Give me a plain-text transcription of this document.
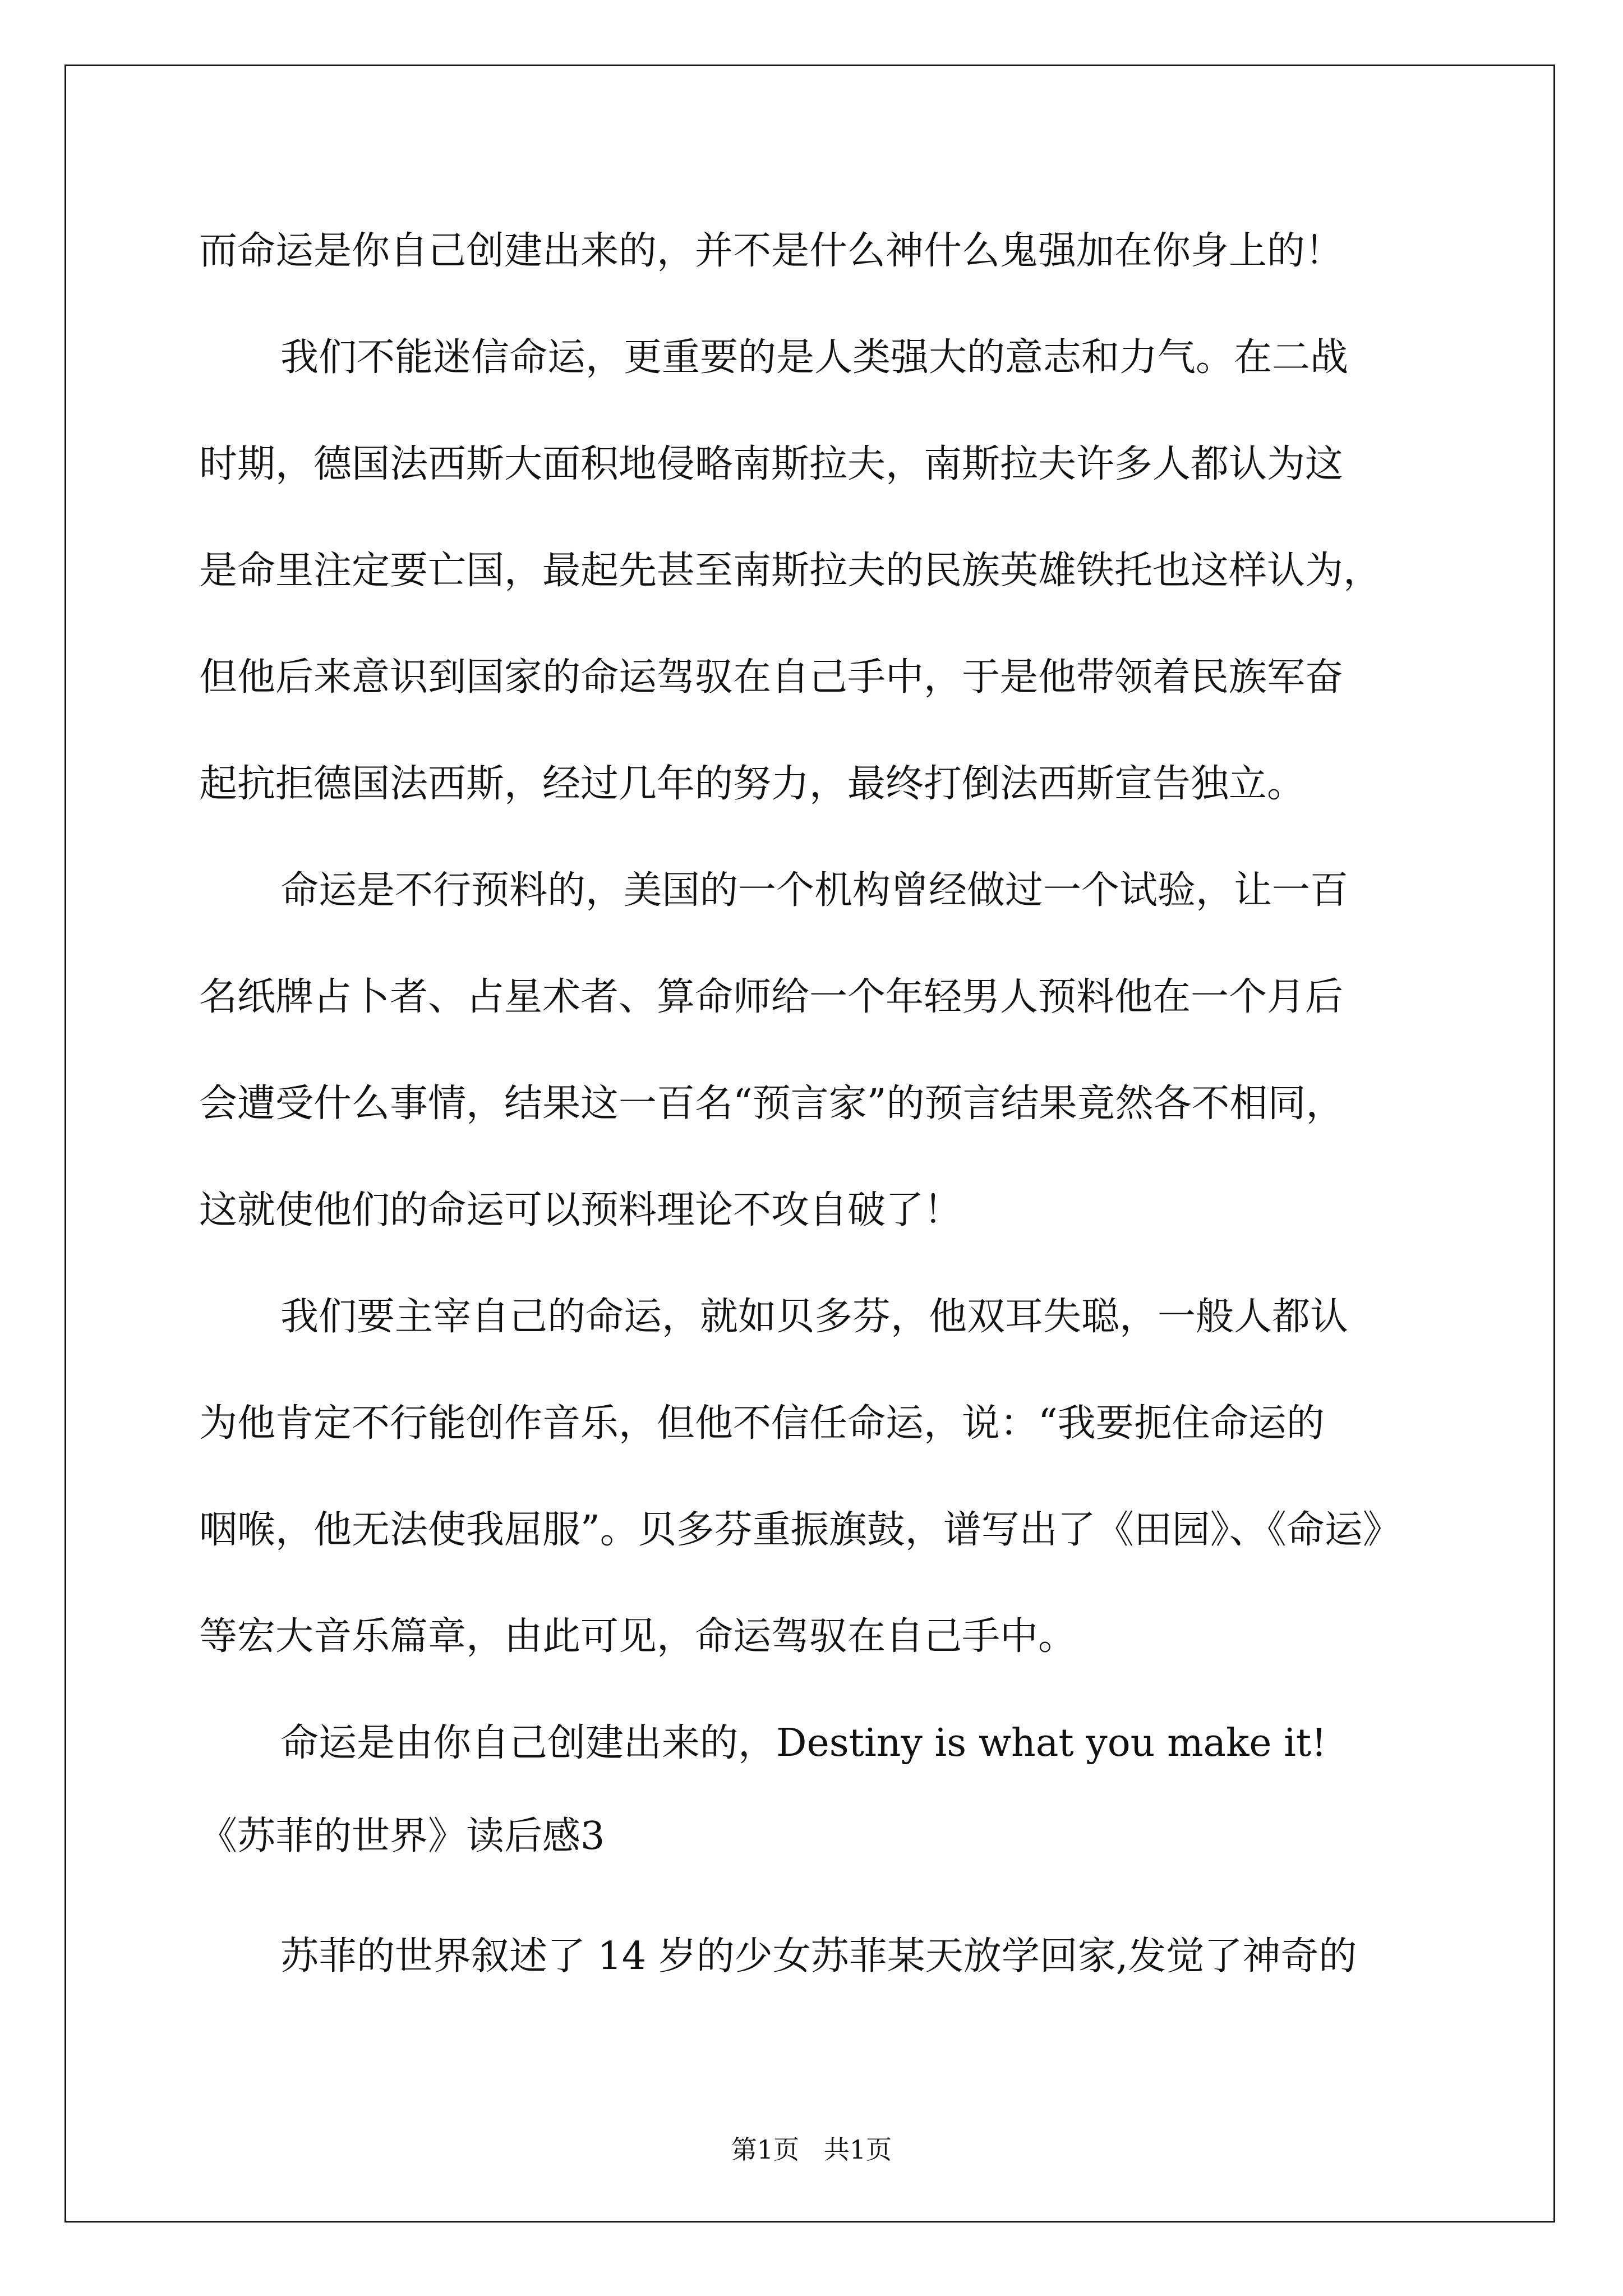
而命运是你自己创建出来的，并不是什么神什么鬼强加在你身上的！
我们不能迷信命运，更重要的是人类强大的意志和力气。在二战
时期，德国法西斯大面积地侵略南斯拉夫，南斯拉夫许多人都认为这
是命里注定要亡国，最起先甚至南斯拉夫的民族英雄铁托也这样认为，
但他后来意识到国家的命运驾驭在自己手中，于是他带领着民族军奋
起抗拒德国法西斯，经过几年的努力，最终打倒法西斯宣告独立。
命运是不行预料的，美国的一个机构曾经做过一个试验，让一百
名纸牌占卜者、占星术者、算命师给一个年轻男人预料他在一个月后
会遭受什么事情，结果这一百名“预言家”的预言结果竟然各不相同，
这就使他们的命运可以预料理论不攻自破了！
我们要主宰自己的命运，就如贝多芬，他双耳失聪，一般人都认
为他肯定不行能创作音乐，但他不信任命运，说：“我要扼住命运的
咽喉，他无法使我屈服”。贝多芬重振旗鼓，谱写出了《田园》、《命运》
等宏大音乐篇章，由此可见，命运驾驭在自己手中。
命运是由你自己创建出来的，Destiny is what you make it!
《苏菲的世界》读后感3
苏菲的世界叙述了 14 岁的少女苏菲某天放学回家,发觉了神奇的
第1页   共1页
